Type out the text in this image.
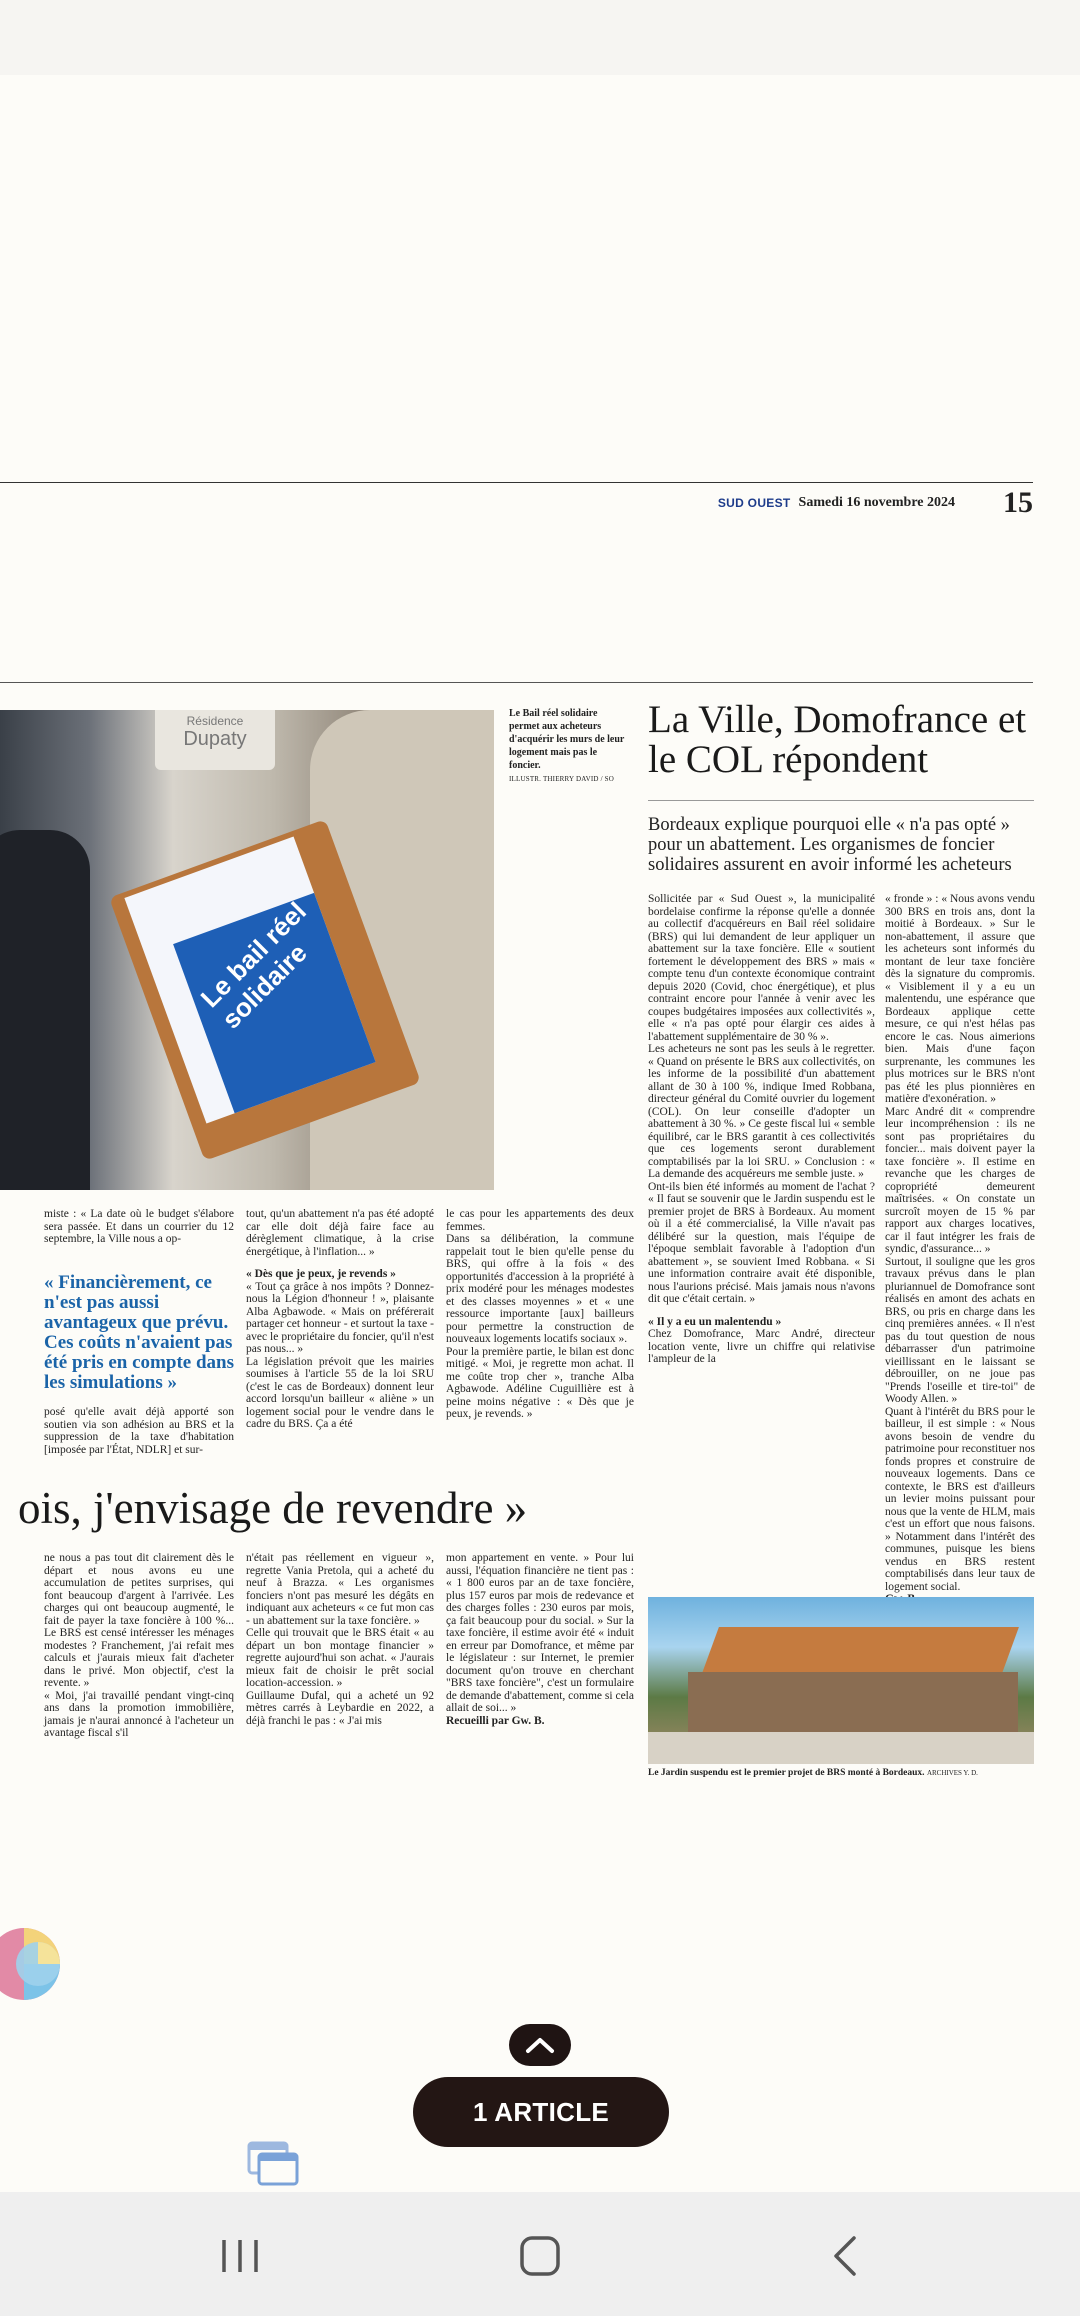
SUD OUEST Samedi 16 novembre 2024 15
Résidence
Dupaty
Le bail réel solidaire
Le Bail réel solidaire permet aux acheteurs d'acquérir les murs de leur logement mais pas le foncier.
ILLUSTR. THIERRY DAVID / SO
La Ville, Domofrance et le COL répondent
Bordeaux explique pourquoi elle « n'a pas opté » pour un abattement. Les organismes de foncier solidaires assurent en avoir informé les acheteurs

Sollicitée par « Sud Ouest », la municipalité bordelaise confirme la réponse qu'elle a donnée au collectif d'acquéreurs en Bail réel solidaire (BRS) qui lui demandent de leur appliquer un abattement sur la taxe foncière. Elle « soutient fortement le développement des BRS » mais « compte tenu d'un contexte économique contraint depuis 2020 (Covid, choc énergétique), et plus contraint encore pour l'année à venir avec les coupes budgétaires imposées aux collectivités », elle « n'a pas opté pour élargir ces aides à l'abattement supplémentaire de 30 % ».

Les acheteurs ne sont pas les seuls à le regretter. « Quand on présente le BRS aux collectivités, on les informe de la possibilité d'un abattement allant de 30 à 100 %, indique Imed Robbana, directeur général du Comité ouvrier du logement (COL). On leur conseille d'adopter un abattement à 30 %. » Ce geste fiscal lui « semble équilibré, car le BRS garantit à ces collectivités que ces logements seront durablement comptabilisés par la loi SRU. » Conclusion : « La demande des acquéreurs me semble juste. »

Ont-ils bien été informés au moment de l'achat ? « Il faut se souvenir que le Jardin suspendu est le premier projet de BRS à Bordeaux. Au moment où il a été commercialisé, la Ville n'avait pas délibéré sur la question, mais l'équipe de l'époque semblait favorable à l'adoption d'un abattement », se souvient Imed Robbana. « Si une information contraire avait été disponible, nous l'aurions précisé. Mais jamais nous n'avons dit que c'était certain. »

« Il y a eu un malentendu »

Chez Domofrance, Marc André, directeur location vente, livre un chiffre qui relativise l'ampleur de la

« fronde » : « Nous avons vendu 300 BRS en trois ans, dont la moitié à Bordeaux. » Sur le non-abattement, il assure que les acheteurs sont informés du montant de leur taxe foncière dès la signature du compromis. « Visiblement il y a eu un malentendu, une espérance que Bordeaux applique cette mesure, ce qui n'est hélas pas encore le cas. Nous aimerions bien. Mais d'une façon surprenante, les communes les plus motrices sur le BRS n'ont pas été les plus pionnières en matière d'exonération. »

Marc André dit « comprendre leur incompréhension : ils ne sont pas propriétaires du foncier... mais doivent payer la taxe foncière ». Il estime en revanche que les charges de copropriété demeurent maîtrisées. « On constate un surcroît moyen de 15 % par rapport aux charges locatives, car il faut intégrer les frais de syndic, d'assurance... »

Surtout, il souligne que les gros travaux prévus dans le plan pluriannuel de Domofrance sont réalisés en amont des achats en BRS, ou pris en charge dans les cinq premières années. « Il n'est pas du tout question de nous débarrasser d'un patrimoine vieillissant en le laissant se débrouiller, on ne joue pas "Prends l'oseille et tire-toi" de Woody Allen. »

Quant à l'intérêt du BRS pour le bailleur, il est simple : « Nous avons besoin de vendre du patrimoine pour reconstituer nos fonds propres et construire de nouveaux logements. Dans ce contexte, le BRS est d'ailleurs un levier moins puissant pour nous que la vente de HLM, mais c'est un effort que nous faisons. » Notamment dans l'intérêt des communes, puisque les biens vendus en BRS restent comptabilisés dans leur taux de logement social.

miste : « La date où le budget s'élabore sera passée. Et dans un courrier du 12 septembre, la Ville nous a op-

« Financièrement, ce n'est pas aussi avantageux que prévu. Ces coûts n'avaient pas été pris en compte dans les simulations »

posé qu'elle avait déjà apporté son soutien via son adhésion au BRS et la suppression de la taxe d'habitation [imposée par l'État, NDLR] et sur-

tout, qu'un abattement n'a pas été adopté car elle doit déjà faire face au dérèglement climatique, à la crise énergétique, à l'inflation... »

« Dès que je peux, je revends »

« Tout ça grâce à nos impôts ? Donnez-nous la Légion d'honneur ! », plaisante Alba Agbawode. « Mais on préférerait partager cet honneur - et surtout la taxe - avec le propriétaire du foncier, qu'il n'est pas nous... »

La législation prévoit que les mairies soumises à l'article 55 de la loi SRU (c'est le cas de Bordeaux) donnent leur accord lorsqu'un bailleur « aliène » un logement social pour le vendre dans le cadre du BRS. Ça a été

le cas pour les appartements des deux femmes.

Dans sa délibération, la commune rappelait tout le bien qu'elle pense du BRS, qui offre à la fois « des opportunités d'accession à la propriété à prix modéré pour les ménages modestes et des classes moyennes » et « une ressource importante [aux] bailleurs pour permettre la construction de nouveaux logements locatifs sociaux ».

Pour la première partie, le bilan est donc mitigé. « Moi, je regrette mon achat. Il me coûte trop cher », tranche Alba Agbawode. Adéline Cuguillière est à peine moins négative : « Dès que je peux, je revends. »

ois, j'envisage de revendre »

ne nous a pas tout dit clairement dès le départ et nous avons eu une accumulation de petites surprises, qui font beaucoup d'argent à l'arrivée. Les charges qui ont beaucoup augmenté, le fait de payer la taxe foncière à 100 %... Le BRS est censé intéresser les ménages modestes ? Franchement, j'ai refait mes calculs et j'aurais mieux fait d'acheter dans le privé. Mon objectif, c'est la revente. »

« Moi, j'ai travaillé pendant vingt-cinq ans dans la promotion immobilière, jamais je n'aurai annoncé à l'acheteur un avantage fiscal s'il

n'était pas réellement en vigueur », regrette Vania Pretola, qui a acheté du neuf à Brazza. « Les organismes fonciers n'ont pas mesuré les dégâts en indiquant aux acheteurs « ce fut mon cas - un abattement sur la taxe foncière. »

Celle qui trouvait que le BRS était « au départ un bon montage financier » regrette aujourd'hui son achat. « J'aurais mieux fait de choisir le prêt social location-accession. »

Guillaume Dufal, qui a acheté un 92 mètres carrés à Leybardie en 2022, a déjà franchi le pas : « J'ai mis

mon appartement en vente. » Pour lui aussi, l'équation financière ne tient pas : « 1 800 euros par an de taxe foncière, plus 157 euros par mois de redevance et des charges folles : 230 euros par mois, ça fait beaucoup pour du social. » Sur la taxe foncière, il estime avoir été « induit en erreur par Domofrance, et même par le législateur : sur Internet, le premier document qu'on trouve en cherchant "BRS taxe foncière", c'est un formulaire de demande d'abattement, comme si cela allait de soi... »

Recueilli par Gw. B.

Le Jardin suspendu est le premier projet de BRS monté à Bordeaux. ARCHIVES Y. D.
1 ARTICLE
